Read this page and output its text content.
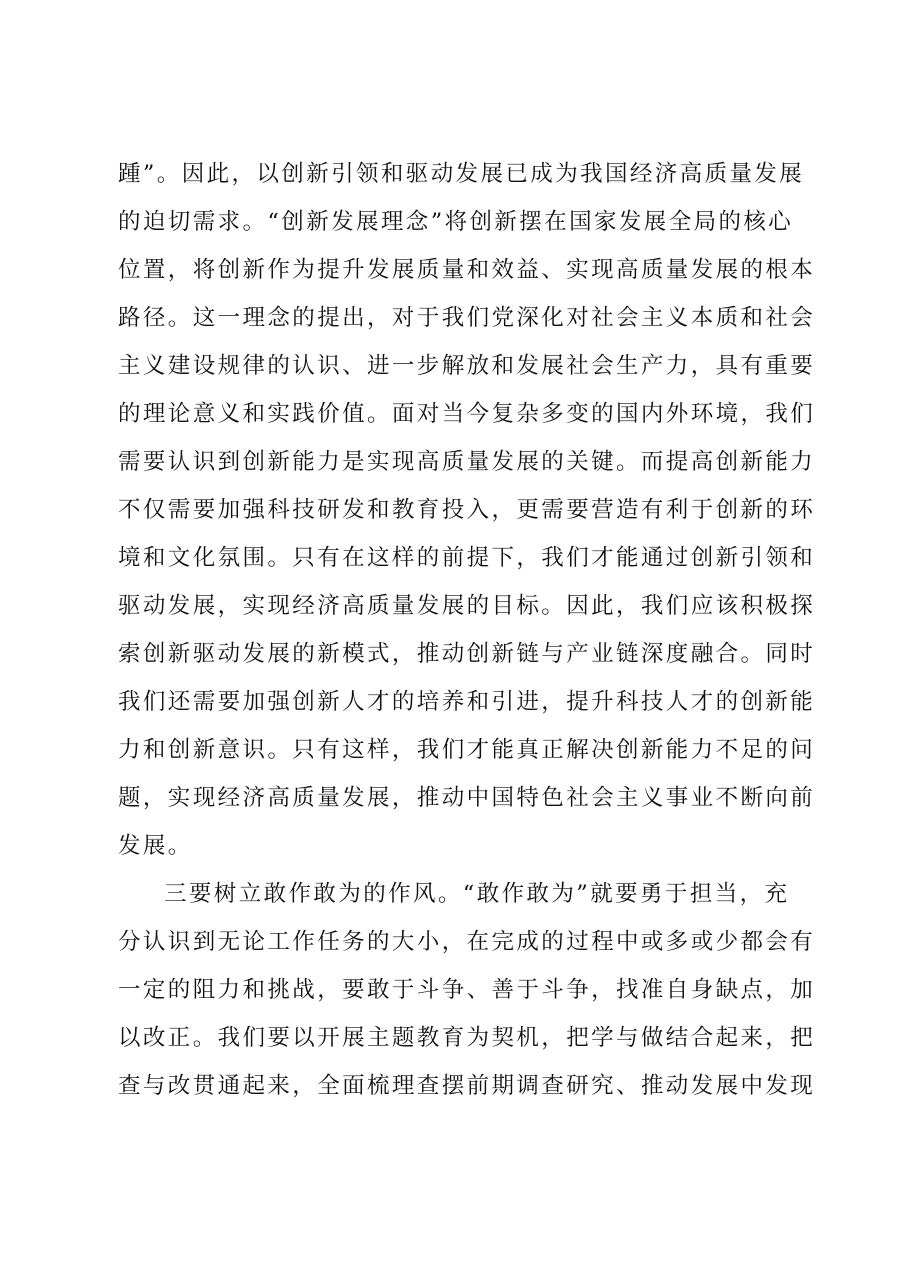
踵”。因此，以创新引领和驱动发展已成为我国经济高质量发展
的迫切需求。“创新发展理念”将创新摆在国家发展全局的核心
位置，将创新作为提升发展质量和效益、实现高质量发展的根本
路径。这一理念的提出，对于我们党深化对社会主义本质和社会
主义建设规律的认识、进一步解放和发展社会生产力，具有重要
的理论意义和实践价值。面对当今复杂多变的国内外环境，我们
需要认识到创新能力是实现高质量发展的关键。而提高创新能力
不仅需要加强科技研发和教育投入，更需要营造有利于创新的环
境和文化氛围。只有在这样的前提下，我们才能通过创新引领和
驱动发展，实现经济高质量发展的目标。因此，我们应该积极探
索创新驱动发展的新模式，推动创新链与产业链深度融合。同时
我们还需要加强创新人才的培养和引进，提升科技人才的创新能
力和创新意识。只有这样，我们才能真正解决创新能力不足的问
题，实现经济高质量发展，推动中国特色社会主义事业不断向前
发展。
三要树立敢作敢为的作风。“敢作敢为”就要勇于担当，充
分认识到无论工作任务的大小，在完成的过程中或多或少都会有
一定的阻力和挑战，要敢于斗争、善于斗争，找准自身缺点，加
以改正。我们要以开展主题教育为契机，把学与做结合起来，把
查与改贯通起来，全面梳理查摆前期调查研究、推动发展中发现
